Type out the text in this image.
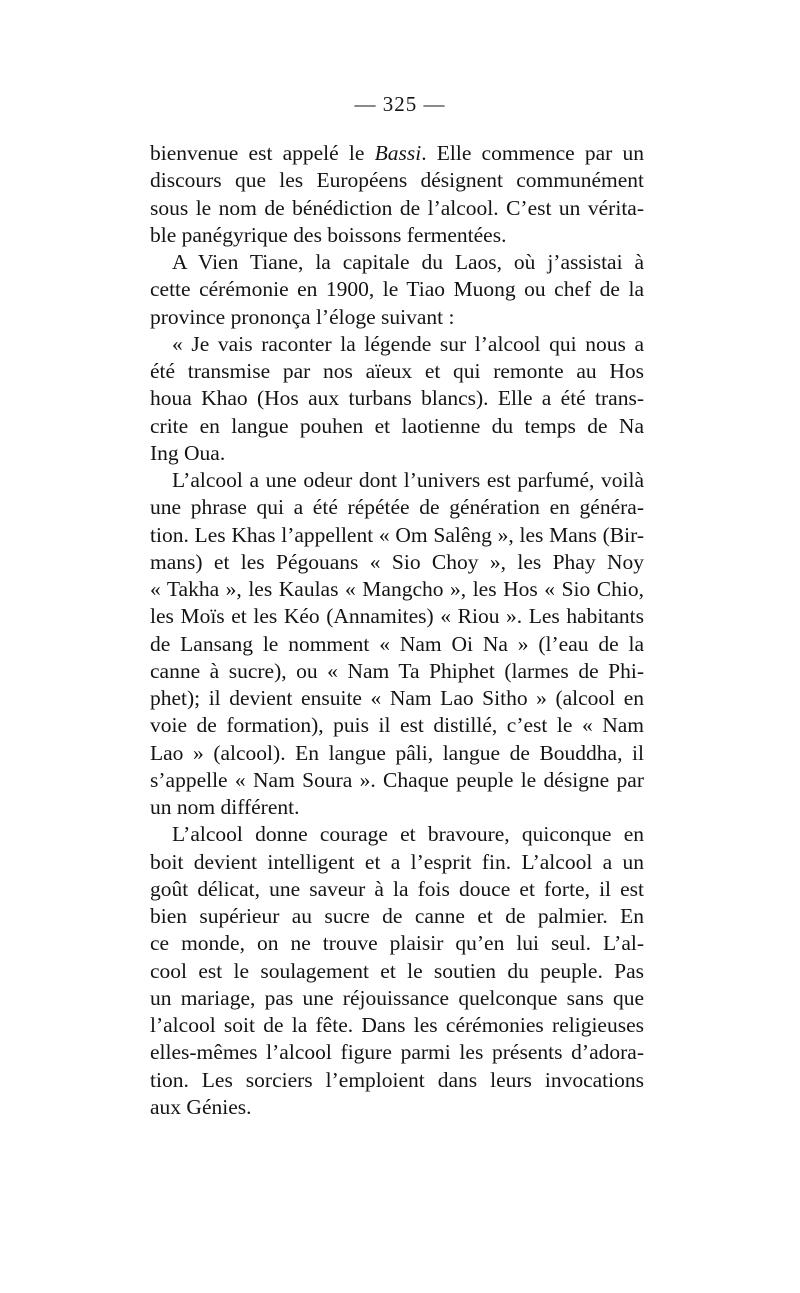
— 325 —
bienvenue est appelé le Bassi. Elle commence par un
discours que les Européens désignent communément
sous le nom de bénédiction de l’alcool. C’est un vérita-
ble panégyrique des boissons fermentées.
A Vien Tiane, la capitale du Laos, où j’assistai à
cette cérémonie en 1900, le Tiao Muong ou chef de la
province prononça l’éloge suivant :
« Je vais raconter la légende sur l’alcool qui nous a
été transmise par nos aïeux et qui remonte au Hos
houa Khao (Hos aux turbans blancs). Elle a été trans-
crite en langue pouhen et laotienne du temps de Na
Ing Oua.
L’alcool a une odeur dont l’univers est parfumé, voilà
une phrase qui a été répétée de génération en généra-
tion. Les Khas l’appellent « Om Salêng », les Mans (Bir-
mans) et les Pégouans « Sio Choy », les Phay Noy
« Takha », les Kaulas « Mangcho », les Hos « Sio Chio,
les Moïs et les Kéo (Annamites) « Riou ». Les habitants
de Lansang le nomment « Nam Oi Na » (l’eau de la
canne à sucre), ou « Nam Ta Phiphet (larmes de Phi-
phet); il devient ensuite « Nam Lao Sitho » (alcool en
voie de formation), puis il est distillé, c’est le « Nam
Lao » (alcool). En langue pâli, langue de Bouddha, il
s’appelle « Nam Soura ». Chaque peuple le désigne par
un nom différent.
L’alcool donne courage et bravoure, quiconque en
boit devient intelligent et a l’esprit fin. L’alcool a un
goût délicat, une saveur à la fois douce et forte, il est
bien supérieur au sucre de canne et de palmier. En
ce monde, on ne trouve plaisir qu’en lui seul. L’al-
cool est le soulagement et le soutien du peuple. Pas
un mariage, pas une réjouissance quelconque sans que
l’alcool soit de la fête. Dans les cérémonies religieuses
elles-mêmes l’alcool figure parmi les présents d’adora-
tion. Les sorciers l’emploient dans leurs invocations
aux Génies.
